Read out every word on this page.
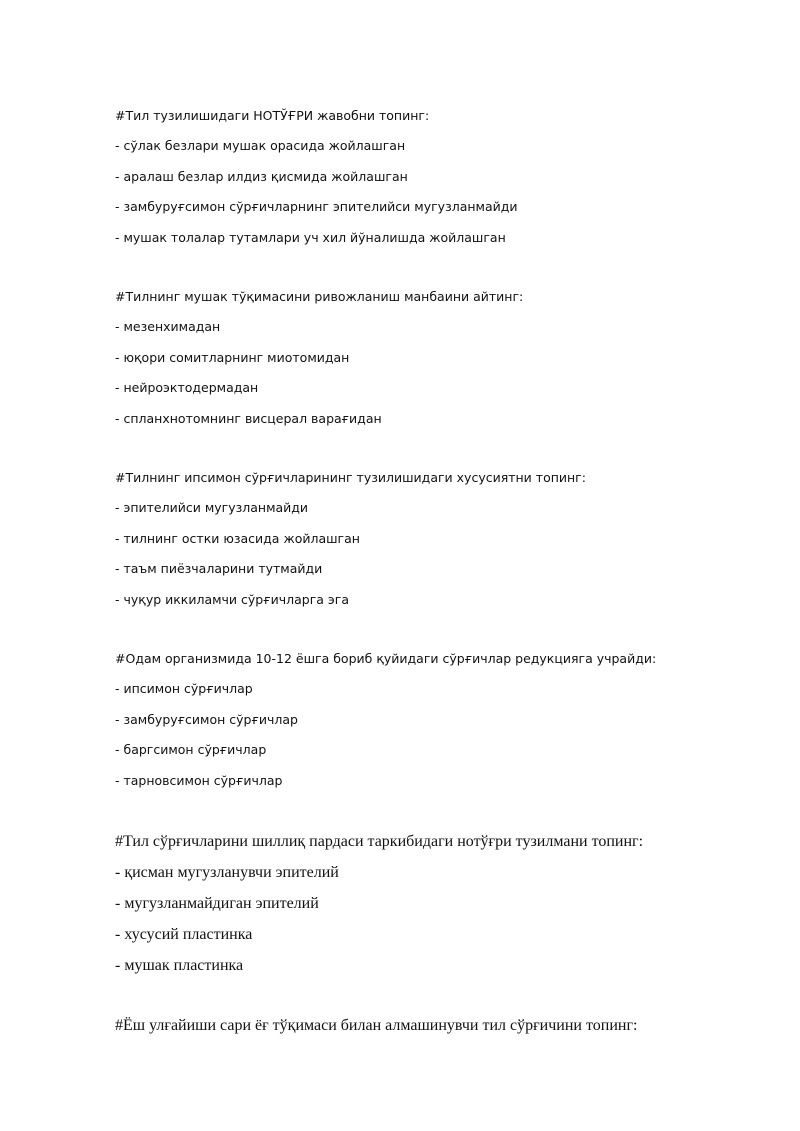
#Тил тузилишидаги НОТЎҒРИ жавобни топинг:
- сўлак безлари мушак орасида жойлашган
- аралаш безлар илдиз қисмида жойлашган
- замбуруғсимон сўрғичларнинг эпителийси мугузланмайди
- мушак толалар тутамлари уч хил йўналишда жойлашган
#Тилнинг мушак тўқимасини ривожланиш манбаини айтинг:
- мезенхимадан
- юқори сомитларнинг миотомидан
- нейроэктодермадан
- спланхнотомнинг висцерал варағидан
#Тилнинг ипсимон сўрғичларининг тузилишидаги хусусиятни топинг:
- эпителийси мугузланмайди
- тилнинг остки юзасида жойлашган
- таъм пиёзчаларини тутмайди
- чуқур иккиламчи сўрғичларга эга
#Одам организмида 10-12 ёшга бориб қуйидаги сўрғичлар редукцияга учрайди:
- ипсимон сўрғичлар
- замбуруғсимон сўрғичлар
- баргсимон сўрғичлар
- тарновсимон сўрғичлар
#Тил сўрғичларини шиллиқ пардаси таркибидаги нотўғри тузилмани топинг:
- қисман мугузланувчи эпителий
- мугузланмайдиган эпителий
- хусусий пластинка
- мушак пластинка
#Ёш улғайиши сари ёғ тўқимаси билан алмашинувчи тил сўрғичини топинг:
